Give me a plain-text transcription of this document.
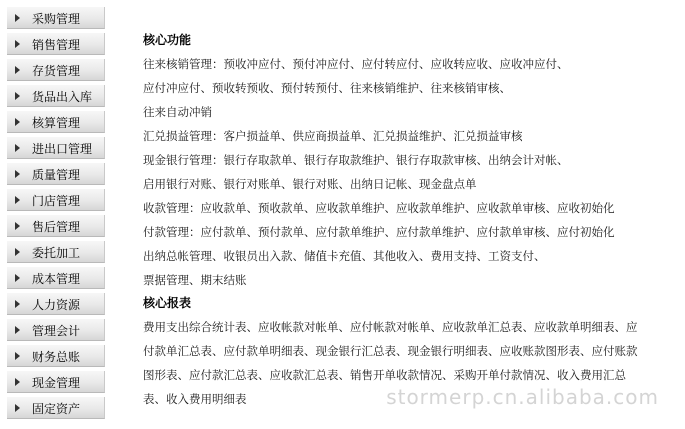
采购管理
销售管理
存货管理
货品出入库
核算管理
进出口管理
质量管理
门店管理
售后管理
委托加工
成本管理
人力资源
管理会计
财务总账
现金管理
固定资产
核心功能
往来核销管理：预收冲应付、预付冲应付、应付转应付、应收转应收、应收冲应付、
应付冲应付、预收转预收、预付转预付、往来核销维护、往来核销审核、
往来自动冲销
汇兑损益管理：客户损益单、供应商损益单、汇兑损益维护、汇兑损益审核
现金银行管理：银行存取款单、银行存取款维护、银行存取款审核、出纳会计对帐、
启用银行对账、银行对账单、银行对账、出纳日记帐、现金盘点单
收款管理：应收款单、预收款单、应收款单维护、应收款单维护、应收款单审核、应收初始化
付款管理：应付款单、预付款单、应付款单维护、应付款单维护、应付款单审核、应付初始化
出纳总帐管理、收银员出入款、储值卡充值、其他收入、费用支持、工资支付、
票据管理、期末结账
核心报表
费用支出综合统计表、应收帐款对帐单、应付帐款对帐单、应收款单汇总表、应收款单明细表、应
付款单汇总表、应付款单明细表、现金银行汇总表、现金银行明细表、应收账款图形表、应付账款
图形表、应付款汇总表、应收款汇总表、销售开单收款情况、采购开单付款情况、收入费用汇总
表、收入费用明细表	stormerp.cn.alibaba.com
